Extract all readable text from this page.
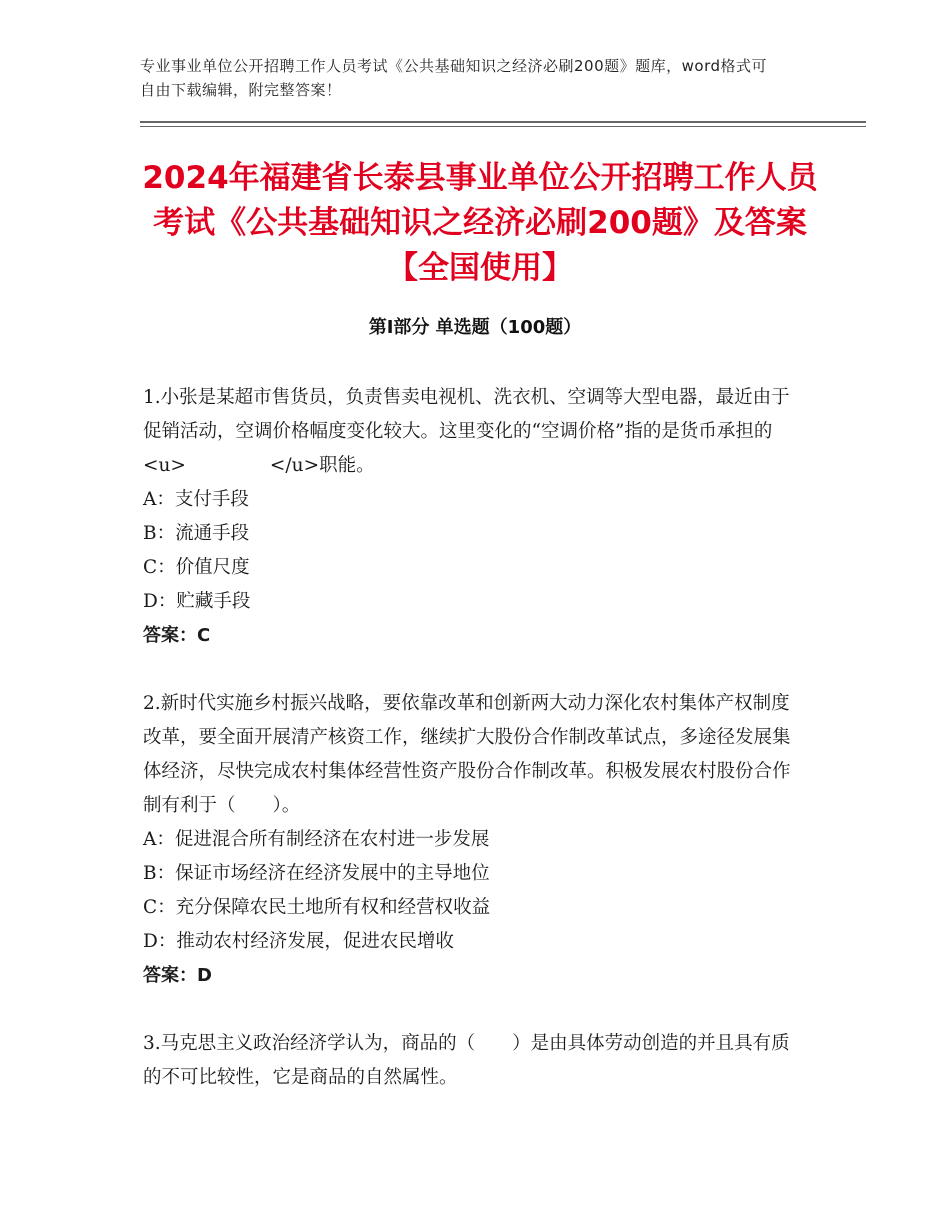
专业事业单位公开招聘工作人员考试《公共基础知识之经济必刷200题》题库，word格式可自由下载编辑，附完整答案！
2024年福建省长泰县事业单位公开招聘工作人员考试《公共基础知识之经济必刷200题》及答案【全国使用】
第Ⅰ部分 单选题（100题）

1.小张是某超市售货员，负责售卖电视机、洗衣机、空调等大型电器，最近由于促销活动，空调价格幅度变化较大。这里变化的“空调价格”指的是货币承担的<u>	</u>职能。

A：支付手段

B：流通手段

C：价值尺度

D：贮藏手段

答案：C

2.新时代实施乡村振兴战略，要依靠改革和创新两大动力深化农村集体产权制度改革，要全面开展清产核资工作，继续扩大股份合作制改革试点，多途径发展集体经济，尽快完成农村集体经营性资产股份合作制改革。积极发展农村股份合作制有利于（　　）。

A：促进混合所有制经济在农村进一步发展

B：保证市场经济在经济发展中的主导地位

C：充分保障农民土地所有权和经营权收益

D：推动农村经济发展，促进农民增收

答案：D

3.马克思主义政治经济学认为，商品的（　　）是由具体劳动创造的并且具有质的不可比较性，它是商品的自然属性。
